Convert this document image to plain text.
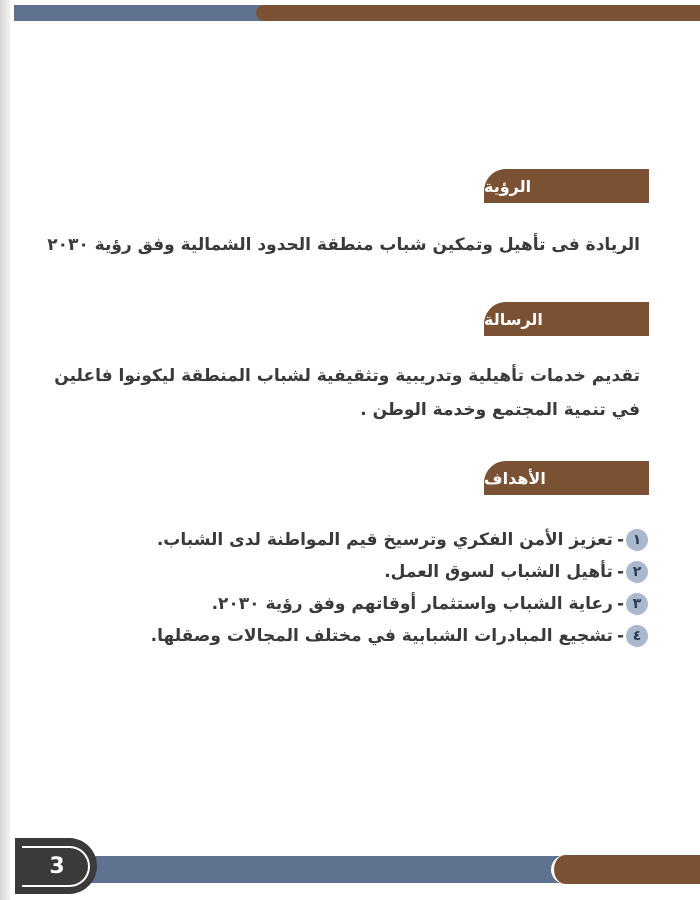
الرؤية
الريادة فى تأهيل وتمكين شباب منطقة الحدود الشمالية وفق رؤية ٢٠٣٠
الرسالة
تقديم خدمات تأهيلية وتدريبية وتثقيفية لشباب المنطقة ليكونوا فاعلين
في تنمية المجتمع وخدمة الوطن .
الأهداف
١
-
تعزيز الأمن الفكري وترسيخ قيم المواطنة لدى الشباب.
٢
-
تأهيل الشباب لسوق العمل.
٣
-
رعاية الشباب واستثمار أوقاتهم وفق رؤية ٢٠٣٠.
٤
-
تشجيع المبادرات الشبابية في مختلف المجالات وصقلها.
3
